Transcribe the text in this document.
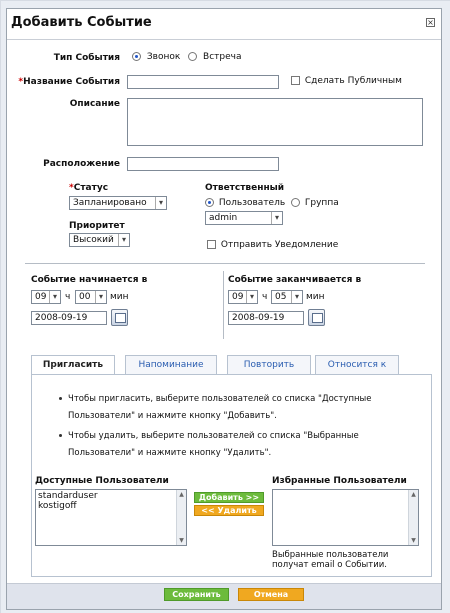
Добавить Событие	×
Тип События	Звонок	Встреча
*Название События	Сделать Публичным
Описание
Расположение
*Статус
Запланировано	▾
Приоритет
Высокий	▾
Ответственный
Пользователь Группа
admin	▾
Отправить Уведомление
Событие начинается в
09 ▾ ч 00	▾ мин
2008-09-19
Событие заканчивается в
09 ▾ ч 05	▾ мин
2008-09-19
Пригласить	Напоминание	Повторить	Относится к
Чтобы пригласить, выберите пользователей со списка "Доступные Пользователи" и нажмите кнопку "Добавить".
Чтобы удалить, выберите пользователей со списка "Выбранные Пользователи" и нажмите кнопку "Удалить".
Доступные Пользователи
standarduser
kostigoff
▲
▼
Добавить >>
<< Удалить
Избранные Пользователи
▲
▼
Выбранные пользователи получат email о Событии.
Сохранить	Отмена
